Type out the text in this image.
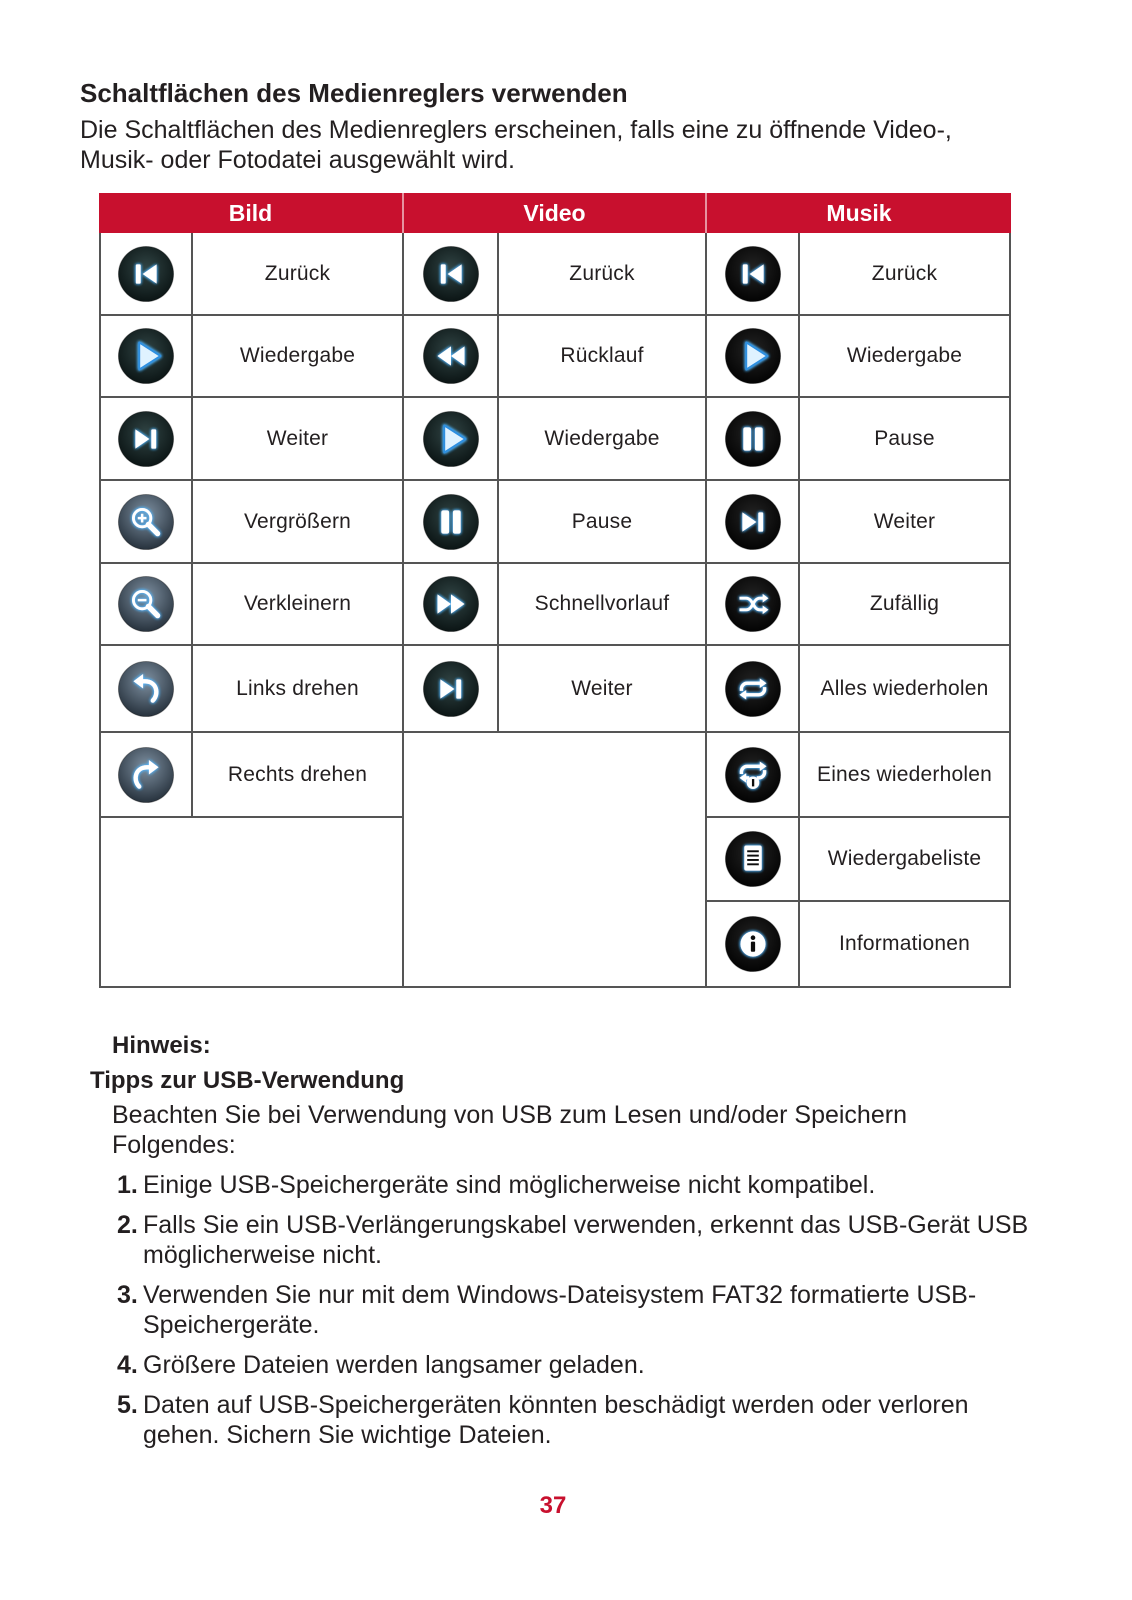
Schaltflächen des Medienreglers verwenden
Die Schaltflächen des Medienreglers erscheinen, falls eine zu öffnende Video-,
Musik- oder Fotodatei ausgewählt wird.
Bild	Video	Musik
Zurück
Wiedergabe
Weiter
Vergrößern
Verkleinern
Links drehen
Rechts drehen
Zurück
Rücklauf
Wiedergabe
Pause
Schnellvorlauf
Weiter
Zurück
Wiedergabe
Pause
Weiter
Zufällig
Alles wiederholen
Eines wiederholen
Wiedergabeliste
Informationen
Hinweis:
Tipps zur USB-Verwendung
Beachten Sie bei Verwendung von USB zum Lesen und/oder Speichern
Folgendes:
1. Einige USB-Speichergeräte sind möglicherweise nicht kompatibel.
2. Falls Sie ein USB-Verlängerungskabel verwenden, erkennt das USB-Gerät USB
möglicherweise nicht.
3. Verwenden Sie nur mit dem Windows-Dateisystem FAT32 formatierte USB-
Speichergeräte.
4. Größere Dateien werden langsamer geladen.
5. Daten auf USB-Speichergeräten könnten beschädigt werden oder verloren
gehen. Sichern Sie wichtige Dateien.
37
